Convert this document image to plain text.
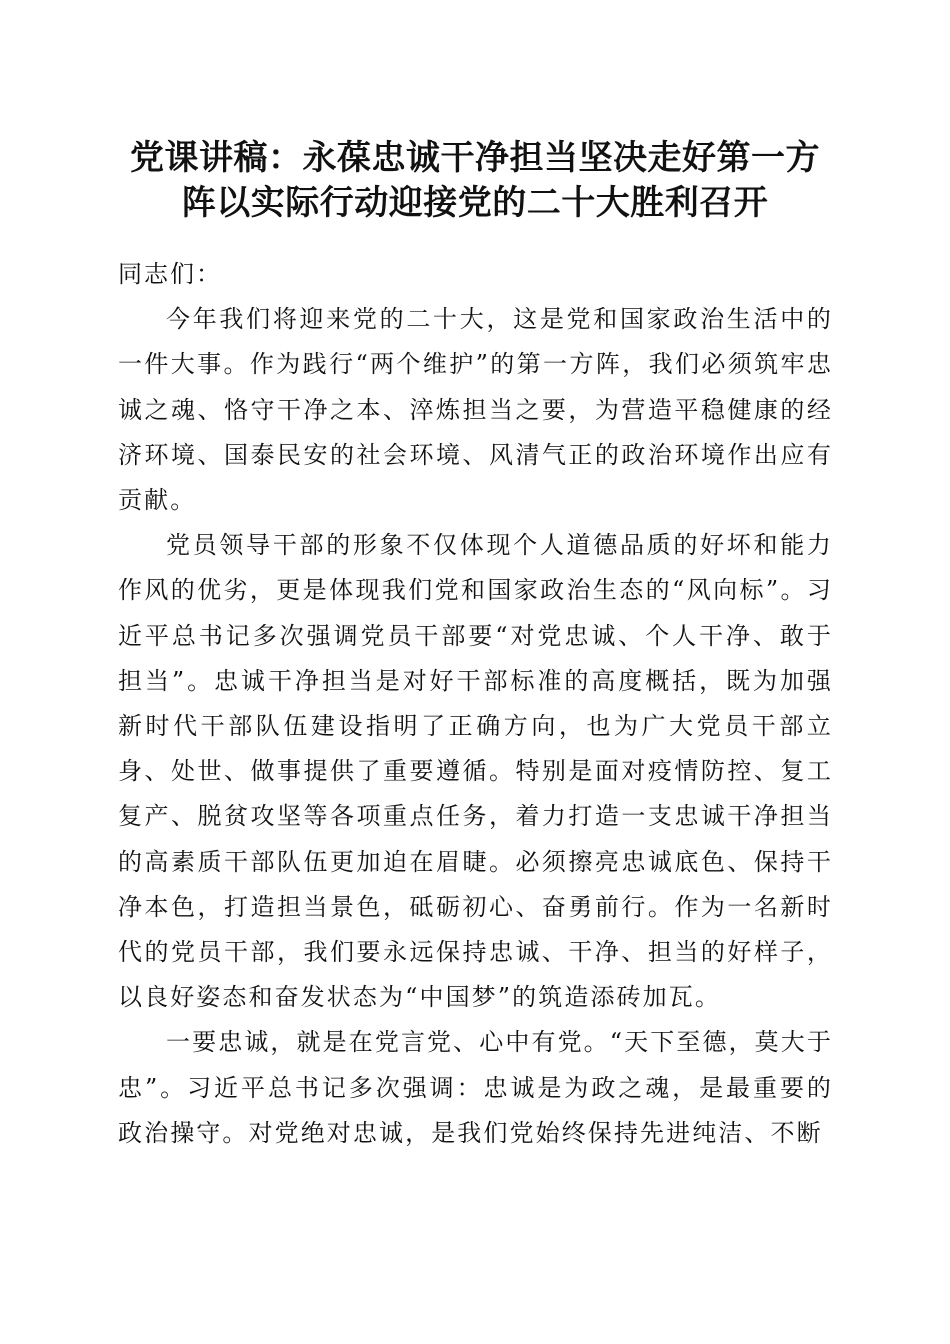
党课讲稿：永葆忠诚干净担当坚决走好第一方
阵以实际行动迎接党的二十大胜利召开

同志们：

今年我们将迎来党的二十大，这是党和国家政治生活中的一件大事。作为践行“两个维护”的第一方阵，我们必须筑牢忠诚之魂、恪守干净之本、淬炼担当之要，为营造平稳健康的经济环境、国泰民安的社会环境、风清气正的政治环境作出应有贡献。

党员领导干部的形象不仅体现个人道德品质的好坏和能力作风的优劣，更是体现我们党和国家政治生态的“风向标”。习近平总书记多次强调党员干部要“对党忠诚、个人干净、敢于担当”。忠诚干净担当是对好干部标准的高度概括，既为加强新时代干部队伍建设指明了正确方向，也为广大党员干部立身、处世、做事提供了重要遵循。特别是面对疫情防控、复工复产、脱贫攻坚等各项重点任务，着力打造一支忠诚干净担当的高素质干部队伍更加迫在眉睫。必须擦亮忠诚底色、保持干净本色，打造担当景色，砥砺初心、奋勇前行。作为一名新时代的党员干部，我们要永远保持忠诚、干净、担当的好样子，以良好姿态和奋发状态为“中国梦”的筑造添砖加瓦。

一要忠诚，就是在党言党、心中有党。“天下至德，莫大于忠”。习近平总书记多次强调：忠诚是为政之魂，是最重要的政治操守。对党绝对忠诚，是我们党始终保持先进纯洁、不断
